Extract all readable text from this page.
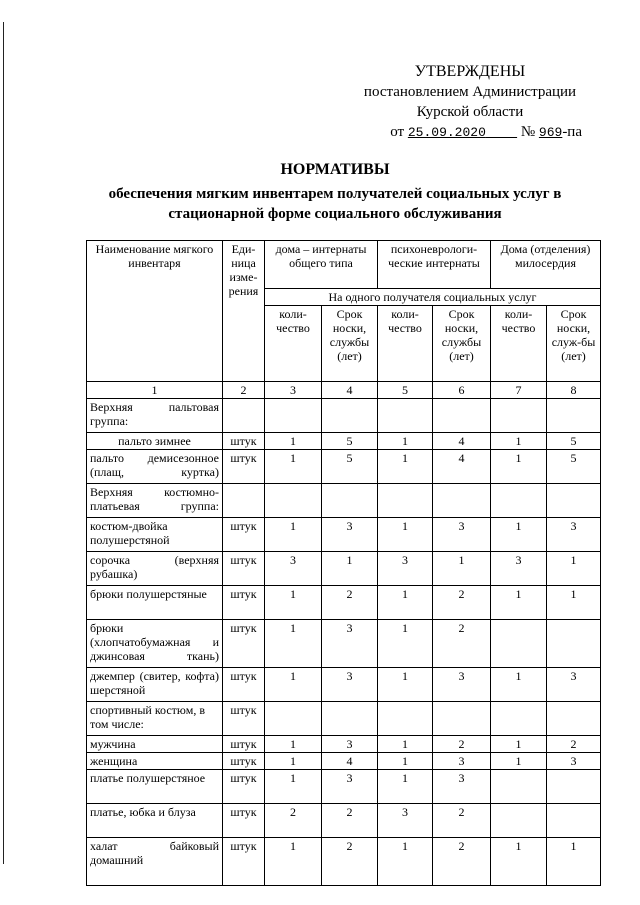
УТВЕРЖДЕНЫ
постановлением Администрации
Курской области
от 25.09.2020 № 969-па
НОРМАТИВЫ
обеспечения мягким инвентарем получателей социальных услуг в
стационарной форме социального обслуживания
Наименование мягкого инвентаря	Еди-ница изме-рения	дома – интернаты общего типа		психоневрологи-ческие интернаты		Дома (отделения) милосердия	
		На одного получателя социальных услуг					
		коли-чество	Срок носки, службы (лет)	коли-чество	Срок носки, службы (лет)	коли-чество	Срок носки, служ-бы (лет)
1	2	3	4	5	6	7	8
Верхняя пальтовая группа:							
пальто зимнее	штук	1	5	1	4	1	5
пальто демисезонное (плащ, куртка)	штук	1	5	1	4	1	5
Верхняя костюмно-платьевая группа:							
костюм-двойка полушерстяной	штук	1	3	1	3	1	3
сорочка (верхняя рубашка)	штук	3	1	3	1	3	1
брюки полушерстяные	штук	1	2	1	2	1	1
брюки (хлопчатобумажная и джинсовая ткань)	штук	1	3	1	2		
джемпер (свитер, кофта) шерстяной	штук	1	3	1	3	1	3
спортивный костюм, в том числе:	штук						
мужчина	штук	1	3	1	2	1	2
женщина	штук	1	4	1	3	1	3
платье полушерстяное	штук	1	3	1	3		
платье, юбка и блуза	штук	2	2	3	2		
халат байковый домашний	штук	1	2	1	2	1	1
